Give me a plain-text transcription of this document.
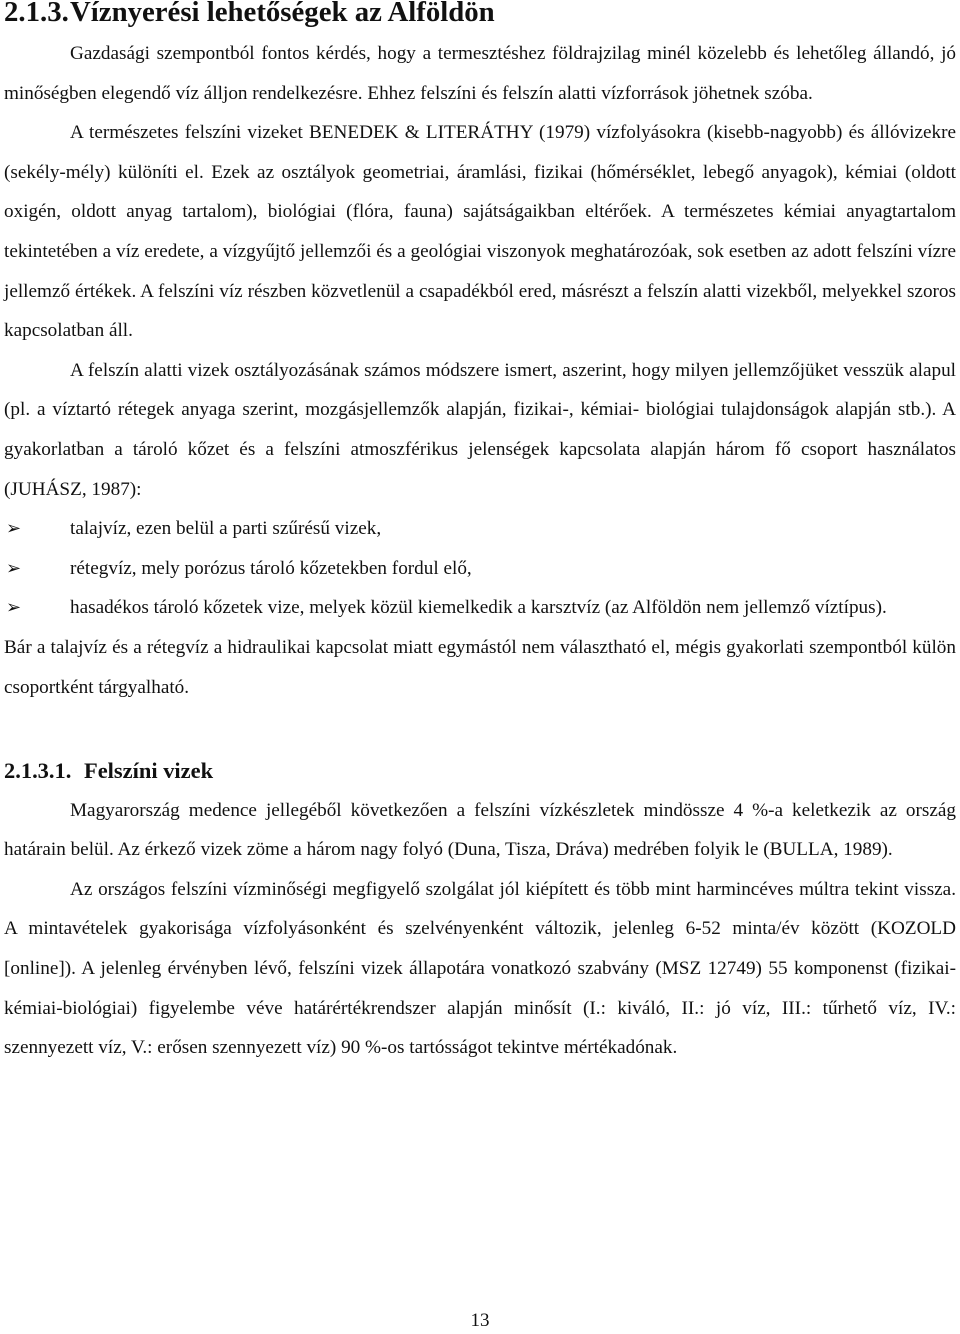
2.1.3.Víznyerési lehetőségek az Alföldön

Gazdasági szempontból fontos kérdés, hogy a termesztéshez földrajzilag minél közelebb és lehetőleg állandó, jó minőségben elegendő víz álljon rendelkezésre. Ehhez felszíni és felszín alatti vízforrások jöhetnek szóba.

A természetes felszíni vizeket BENEDEK & LITERÁTHY (1979) vízfolyásokra (kisebb-nagyobb) és állóvizekre (sekély-mély) különíti el. Ezek az osztályok geometriai, áramlási, fizikai (hőmérséklet, lebegő anyagok), kémiai (oldott oxigén, oldott anyag tartalom), biológiai (flóra, fauna) sajátságaikban eltérőek. A természetes kémiai anyagtartalom tekintetében a víz eredete, a vízgyűjtő jellemzői és a geológiai viszonyok meghatározóak, sok esetben az adott felszíni vízre jellemző értékek. A felszíni víz részben közvetlenül a csapadékból ered, másrészt a felszín alatti vizekből, melyekkel szoros kapcsolatban áll.

A felszín alatti vizek osztályozásának számos módszere ismert, aszerint, hogy milyen jellemzőjüket vesszük alapul (pl. a víztartó rétegek anyaga szerint, mozgásjellemzők alapján, fizikai-, kémiai- biológiai tulajdonságok alapján stb.). A gyakorlatban a tároló kőzet és a felszíni atmoszférikus jelenségek kapcsolata alapján három fő csoport használatos (JUHÁSZ, 1987):

➢	talajvíz, ezen belül a parti szűrésű vizek,
➢	rétegvíz, mely porózus tároló kőzetekben fordul elő,
➢	hasadékos tároló kőzetek vize, melyek közül kiemelkedik a karsztvíz (az Alföldön nem jellemző víztípus).

Bár a talajvíz és a rétegvíz a hidraulikai kapcsolat miatt egymástól nem választható el, mégis gyakorlati szempontból külön csoportként tárgyalható.

2.1.3.1. Felszíni vizek

Magyarország medence jellegéből következően a felszíni vízkészletek mindössze 4 %-a keletkezik az ország határain belül. Az érkező vizek zöme a három nagy folyó (Duna, Tisza, Dráva) medrében folyik le (BULLA, 1989).

Az országos felszíni vízminőségi megfigyelő szolgálat jól kiépített és több mint harmincéves múltra tekint vissza. A mintavételek gyakorisága vízfolyásonként és szelvényenként változik, jelenleg 6-52 minta/év között (KOZOLD [online]). A jelenleg érvényben lévő, felszíni vizek állapotára vonatkozó szabvány (MSZ 12749) 55 komponenst (fizikai-kémiai-biológiai) figyelembe véve határértékrendszer alapján minősít (I.: kiváló, II.: jó víz, III.: tűrhető víz, IV.: szennyezett víz, V.: erősen szennyezett víz) 90 %-os tartósságot tekintve mértékadónak.

13
